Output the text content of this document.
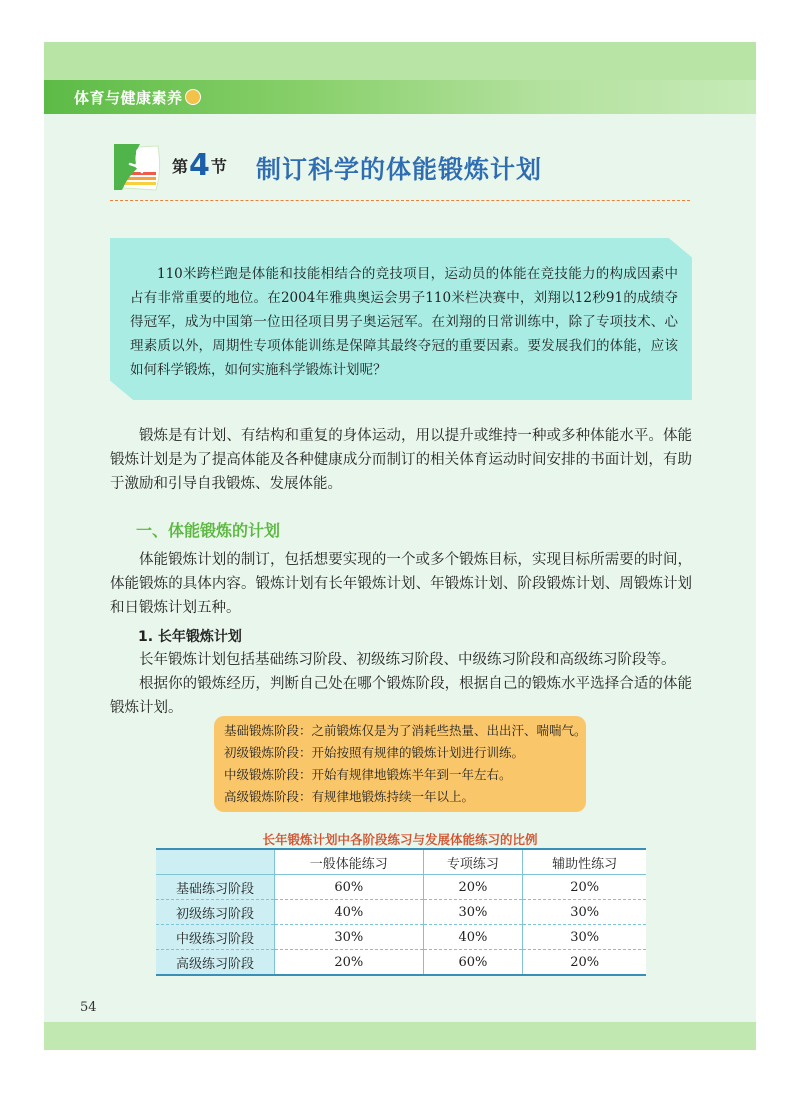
体育与健康素养
第4节 制订科学的体能锻炼计划
110米跨栏跑是体能和技能相结合的竞技项目，运动员的体能在竞技能力的构成因素中占有非常重要的地位。在2004年雅典奥运会男子110米栏决赛中，刘翔以12秒91的成绩夺得冠军，成为中国第一位田径项目男子奥运冠军。在刘翔的日常训练中，除了专项技术、心理素质以外，周期性专项体能训练是保障其最终夺冠的重要因素。要发展我们的体能，应该如何科学锻炼，如何实施科学锻炼计划呢？
锻炼是有计划、有结构和重复的身体运动，用以提升或维持一种或多种体能水平。体能锻炼计划是为了提高体能及各种健康成分而制订的相关体育运动时间安排的书面计划，有助于激励和引导自我锻炼、发展体能。
一、体能锻炼的计划
体能锻炼计划的制订，包括想要实现的一个或多个锻炼目标，实现目标所需要的时间，体能锻炼的具体内容。锻炼计划有长年锻炼计划、年锻炼计划、阶段锻炼计划、周锻炼计划和日锻炼计划五种。
1. 长年锻炼计划
长年锻炼计划包括基础练习阶段、初级练习阶段、中级练习阶段和高级练习阶段等。
根据你的锻炼经历，判断自己处在哪个锻炼阶段，根据自己的锻炼水平选择合适的体能锻炼计划。
基础锻炼阶段：之前锻炼仅是为了消耗些热量、出出汗、喘喘气。
初级锻炼阶段：开始按照有规律的锻炼计划进行训练。
中级锻炼阶段：开始有规律地锻炼半年到一年左右。
高级锻炼阶段：有规律地锻炼持续一年以上。
长年锻炼计划中各阶段练习与发展体能练习的比例
	一般体能练习	专项练习	辅助性练习
基础练习阶段	60%	20%	20%
初级练习阶段	40%	30%	30%
中级练习阶段	30%	40%	30%
高级练习阶段	20%	60%	20%
54
